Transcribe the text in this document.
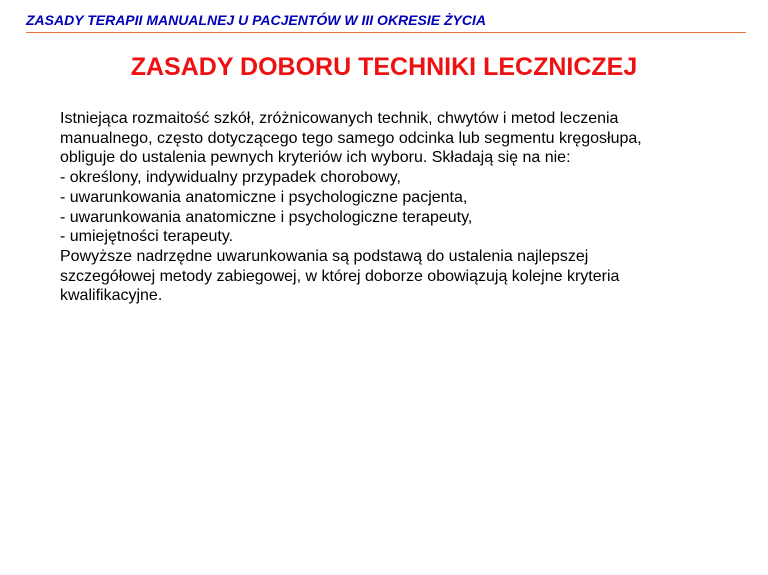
ZASADY TERAPII MANUALNEJ U PACJENTÓW W III OKRESIE ŻYCIA
ZASADY DOBORU TECHNIKI LECZNICZEJ
Istniejąca rozmaitość szkół, zróżnicowanych technik, chwytów i metod leczenia
manualnego, często dotyczącego tego samego odcinka lub segmentu kręgosłupa,
obliguje do ustalenia pewnych kryteriów ich wyboru. Składają się na nie:
- określony, indywidualny przypadek chorobowy,
- uwarunkowania anatomiczne i psychologiczne pacjenta,
- uwarunkowania anatomiczne i psychologiczne terapeuty,
- umiejętności terapeuty.
Powyższe nadrzędne uwarunkowania są podstawą do ustalenia najlepszej
szczegółowej metody zabiegowej, w której doborze obowiązują kolejne kryteria
kwalifikacyjne.
